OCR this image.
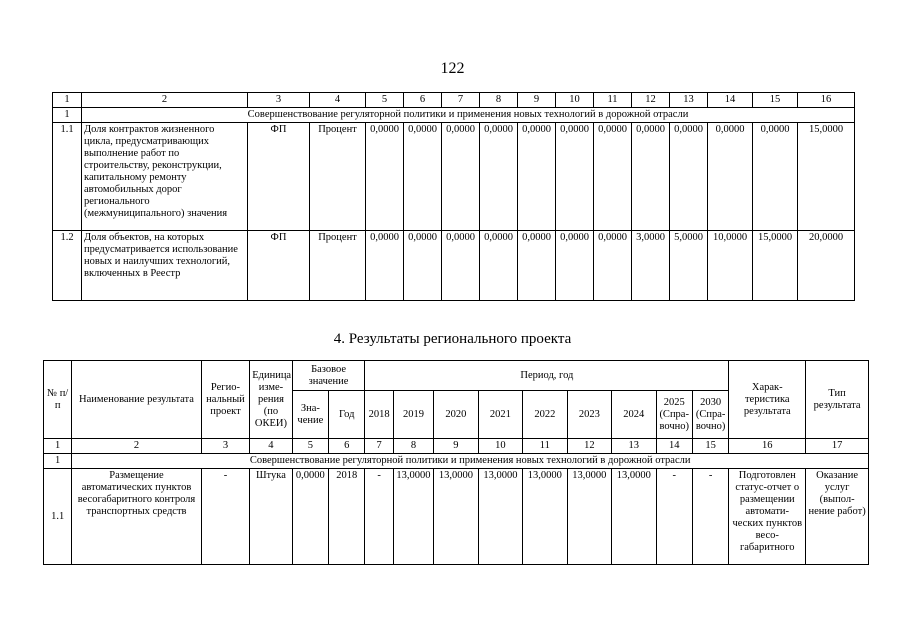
122
1	2	3	4	5	6	7	8	9	10	11	12	13	14	15	16
1	Совершенствование регуляторной политики и применения новых технологий в дорожной отрасли														
1.1	Доля контрактов жизненного цикла, предусматривающих выполнение работ по строительству, реконструкции, капитальному ремонту автомобильных дорог регионального (межмуниципального) значения	ФП	Процент	0,0000	0,0000	0,0000	0,0000	0,0000	0,0000	0,0000	0,0000	0,0000	0,0000	0,0000	15,0000
1.2	Доля объектов, на которых предусматривается использование новых и наилучших технологий, включенных в Реестр	ФП	Процент	0,0000	0,0000	0,0000	0,0000	0,0000	0,0000	0,0000	3,0000	5,0000	10,0000	15,0000	20,0000
4. Результаты регионального проекта
№ п/п	Наименование результата	Регио-нальный проект	Единица изме-рения (по ОКЕИ)	Базовое значение		Период, год									Харак-теристика результата	Тип результата
				Зна-чение	Год	2018	2019	2020	2021	2022	2023	2024	2025 (Спра-вочно)	2030 (Спра-вочно)		
1	2	3	4	5	6	7	8	9	10	11	12	13	14	15	16	17
1	Совершенствование регуляторной политики и применения новых технологий в дорожной отрасли															
1.1	Размещение автоматических пунктов весогабаритного контроля транспортных средств	-	Штука	0,0000	2018	-	13,0000	13,0000	13,0000	13,0000	13,0000	13,0000	-	-	Подготовлен статус-отчет о размещении автомати-ческих пунктов весо-габаритного	Оказание услуг (выпол-нение работ)
